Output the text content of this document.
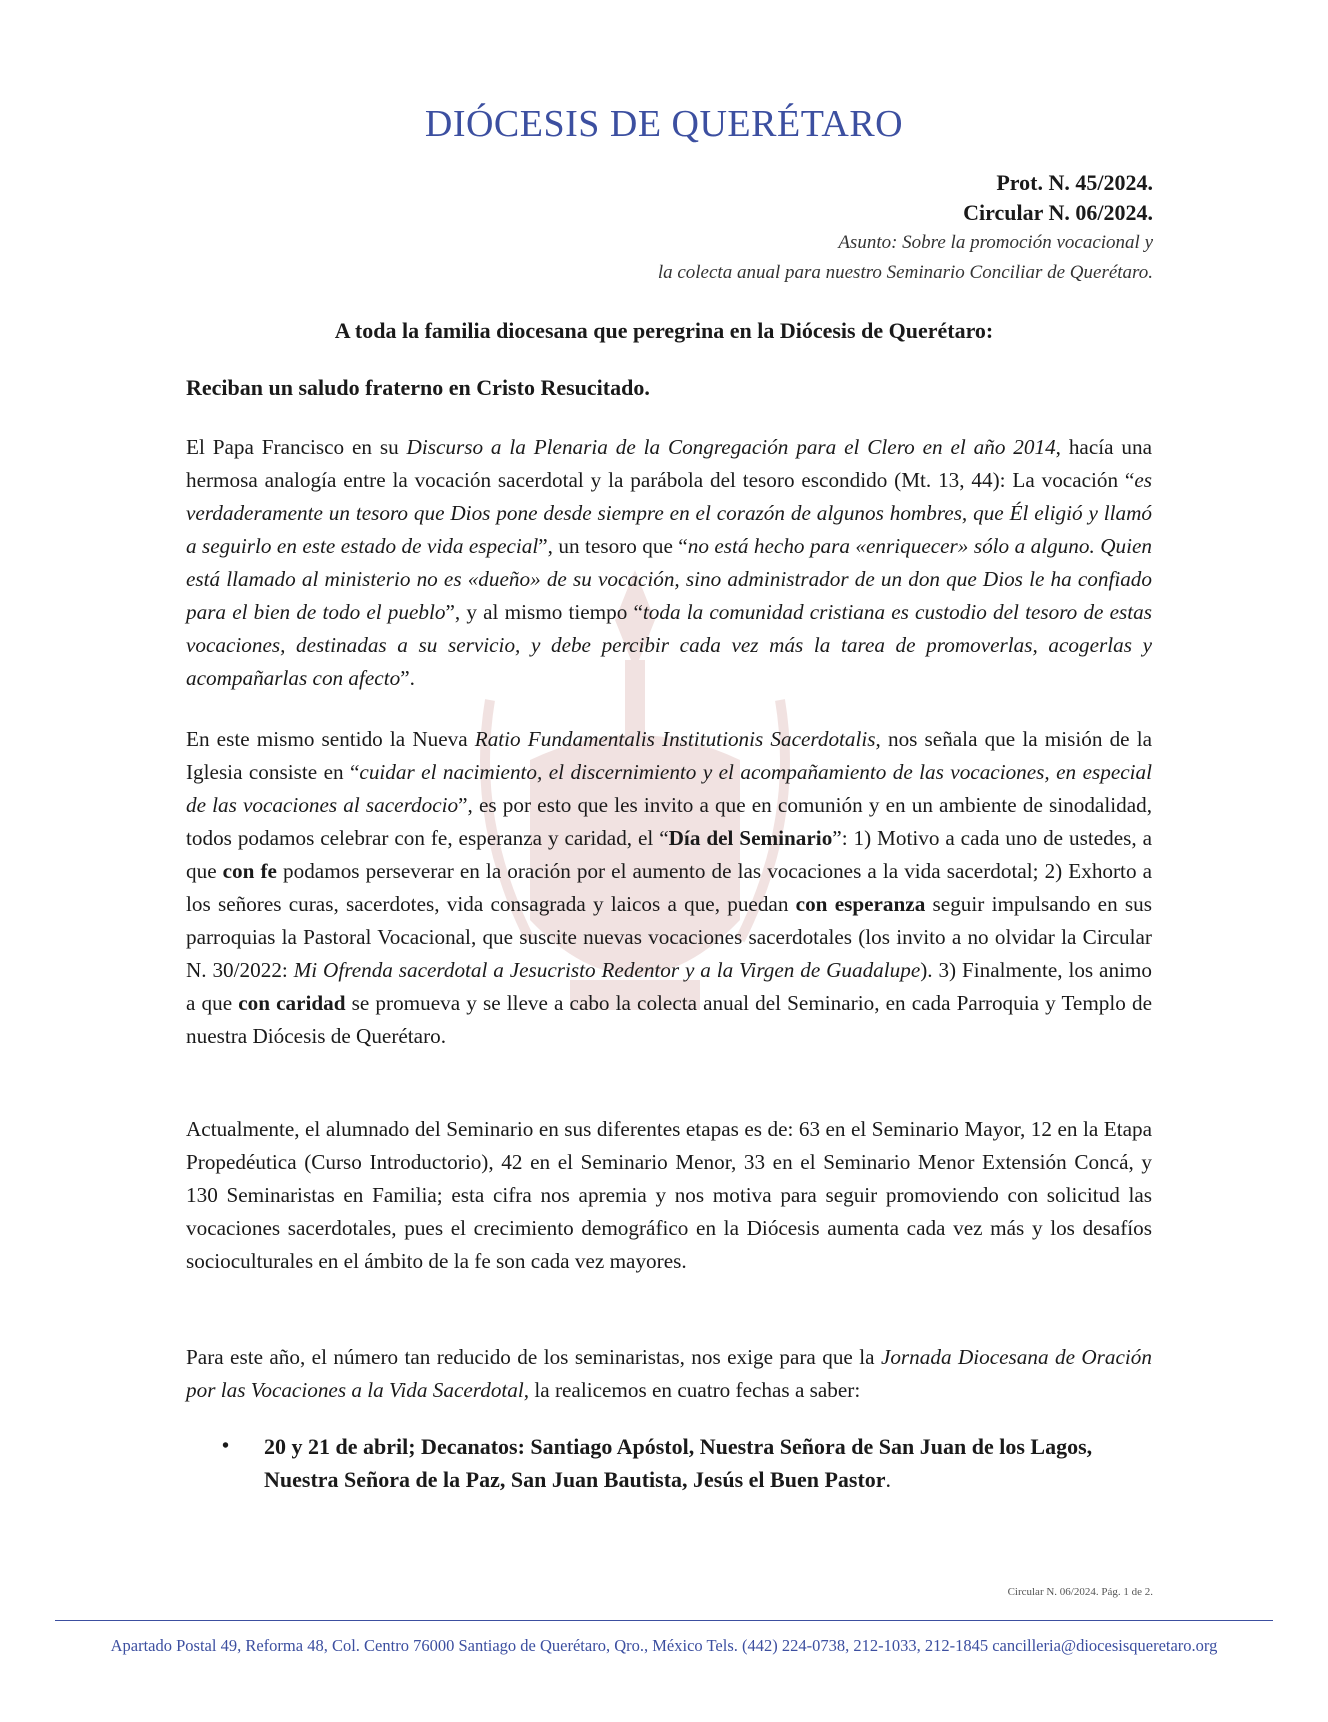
DIÓCESIS DE QUERÉTARO
Prot. N. 45/2024.
Circular N. 06/2024.
Asunto: Sobre la promoción vocacional y
la colecta anual para nuestro Seminario Conciliar de Querétaro.
A toda la familia diocesana que peregrina en la Diócesis de Querétaro:
Reciban un saludo fraterno en Cristo Resucitado.
El Papa Francisco en su Discurso a la Plenaria de la Congregación para el Clero en el año 2014, hacía una hermosa analogía entre la vocación sacerdotal y la parábola del tesoro escondido (Mt. 13, 44): La vocación “es verdaderamente un tesoro que Dios pone desde siempre en el corazón de algunos hombres, que Él eligió y llamó a seguirlo en este estado de vida especial”, un tesoro que “no está hecho para «enriquecer» sólo a alguno. Quien está llamado al ministerio no es «dueño» de su vocación, sino administrador de un don que Dios le ha confiado para el bien de todo el pueblo”, y al mismo tiempo “toda la comunidad cristiana es custodio del tesoro de estas vocaciones, destinadas a su servicio, y debe percibir cada vez más la tarea de promoverlas, acogerlas y acompañarlas con afecto”.
En este mismo sentido la Nueva Ratio Fundamentalis Institutionis Sacerdotalis, nos señala que la misión de la Iglesia consiste en “cuidar el nacimiento, el discernimiento y el acompañamiento de las vocaciones, en especial de las vocaciones al sacerdocio”, es por esto que les invito a que en comunión y en un ambiente de sinodalidad, todos podamos celebrar con fe, esperanza y caridad, el “Día del Seminario”: 1) Motivo a cada uno de ustedes, a que con fe podamos perseverar en la oración por el aumento de las vocaciones a la vida sacerdotal; 2) Exhorto a los señores curas, sacerdotes, vida consagrada y laicos a que, puedan con esperanza seguir impulsando en sus parroquias la Pastoral Vocacional, que suscite nuevas vocaciones sacerdotales (los invito a no olvidar la Circular N. 30/2022: Mi Ofrenda sacerdotal a Jesucristo Redentor y a la Virgen de Guadalupe). 3) Finalmente, los animo a que con caridad se promueva y se lleve a cabo la colecta anual del Seminario, en cada Parroquia y Templo de nuestra Diócesis de Querétaro.
Actualmente, el alumnado del Seminario en sus diferentes etapas es de: 63 en el Seminario Mayor, 12 en la Etapa Propedéutica (Curso Introductorio), 42 en el Seminario Menor, 33 en el Seminario Menor Extensión Concá, y 130 Seminaristas en Familia; esta cifra nos apremia y nos motiva para seguir promoviendo con solicitud las vocaciones sacerdotales, pues el crecimiento demográfico en la Diócesis aumenta cada vez más y los desafíos socioculturales en el ámbito de la fe son cada vez mayores.
Para este año, el número tan reducido de los seminaristas, nos exige para que la Jornada Diocesana de Oración por las Vocaciones a la Vida Sacerdotal, la realicemos en cuatro fechas a saber:
• 20 y 21 de abril; Decanatos: Santiago Apóstol, Nuestra Señora de San Juan de los Lagos, Nuestra Señora de la Paz, San Juan Bautista, Jesús el Buen Pastor.
Circular N. 06/2024. Pág. 1 de 2.
Apartado Postal 49, Reforma 48, Col. Centro 76000 Santiago de Querétaro, Qro., México Tels. (442) 224-0738, 212-1033, 212-1845 cancilleria@diocesisqueretaro.org
